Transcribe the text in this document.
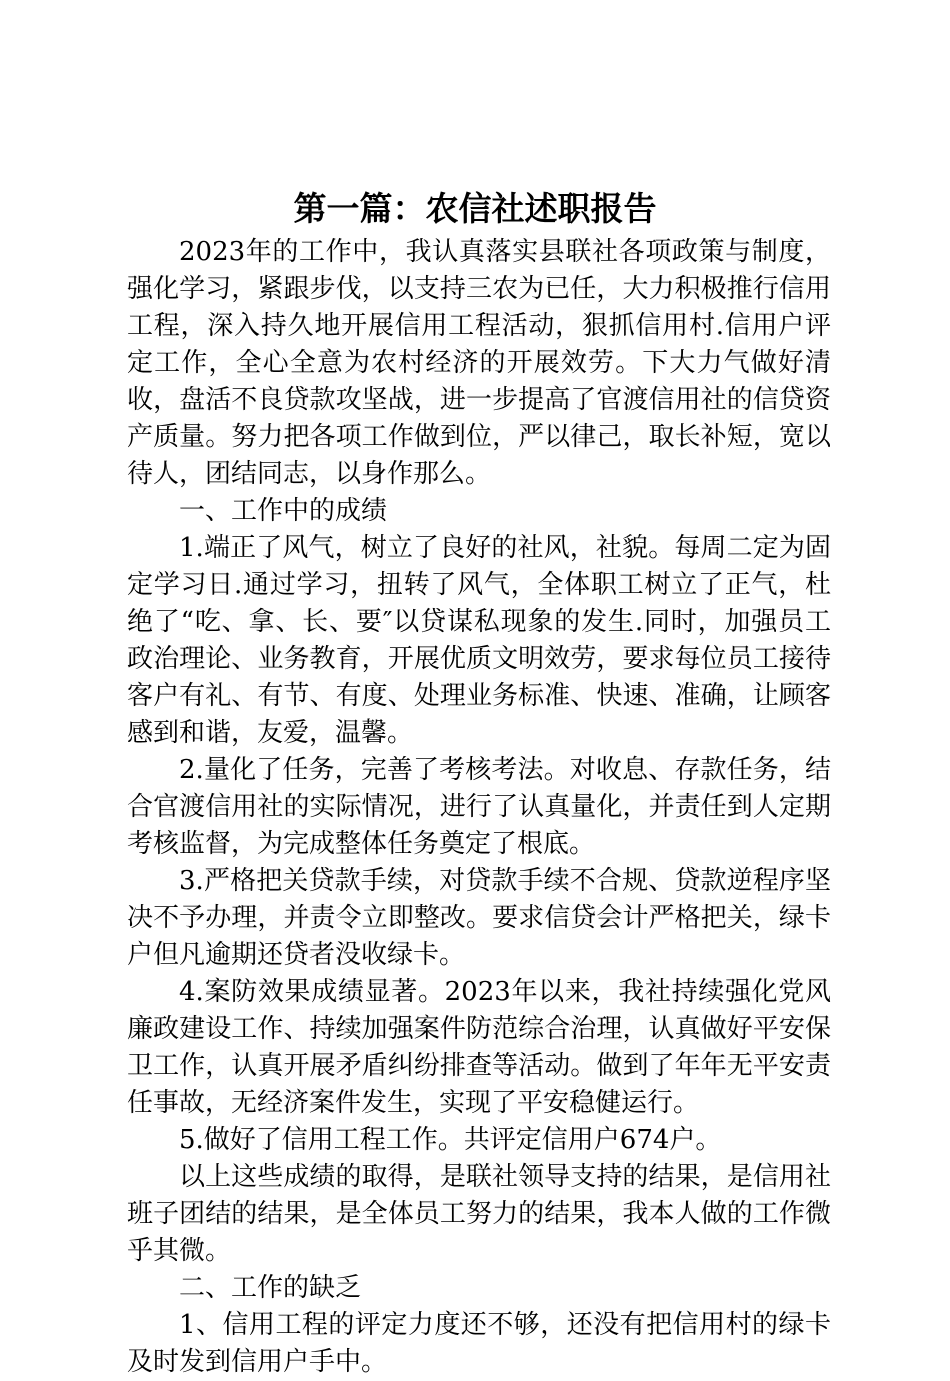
第一篇：农信社述职报告

2023年的工作中，我认真落实县联社各项政策与制度，强化学习，紧跟步伐，以支持三农为已任，大力积极推行信用工程，深入持久地开展信用工程活动，狠抓信用村.信用户评定工作，全心全意为农村经济的开展效劳。下大力气做好清收，盘活不良贷款攻坚战，进一步提高了官渡信用社的信贷资产质量。努力把各项工作做到位，严以律己，取长补短，宽以待人，团结同志，以身作那么。

一、工作中的成绩

1.端正了风气，树立了良好的社风，社貌。每周二定为固定学习日.通过学习，扭转了风气，全体职工树立了正气，杜绝了“吃、拿、长、要″以贷谋私现象的发生.同时，加强员工政治理论、业务教育，开展优质文明效劳，要求每位员工接待客户有礼、有节、有度、处理业务标准、快速、准确，让顾客感到和谐，友爱，温馨。

2.量化了任务，完善了考核考法。对收息、存款任务，结合官渡信用社的实际情况，进行了认真量化，并责任到人定期考核监督，为完成整体任务奠定了根底。

3.严格把关贷款手续，对贷款手续不合规、贷款逆程序坚决不予办理，并责令立即整改。要求信贷会计严格把关，绿卡户但凡逾期还贷者没收绿卡。

4.案防效果成绩显著。2023年以来，我社持续强化党风廉政建设工作、持续加强案件防范综合治理，认真做好平安保卫工作，认真开展矛盾纠纷排查等活动。做到了年年无平安责任事故，无经济案件发生，实现了平安稳健运行。

5.做好了信用工程工作。共评定信用户674户。

以上这些成绩的取得，是联社领导支持的结果，是信用社班子团结的结果，是全体员工努力的结果，我本人做的工作微乎其微。

二、工作的缺乏

1、信用工程的评定力度还不够，还没有把信用村的绿卡及时发到信用户手中。
